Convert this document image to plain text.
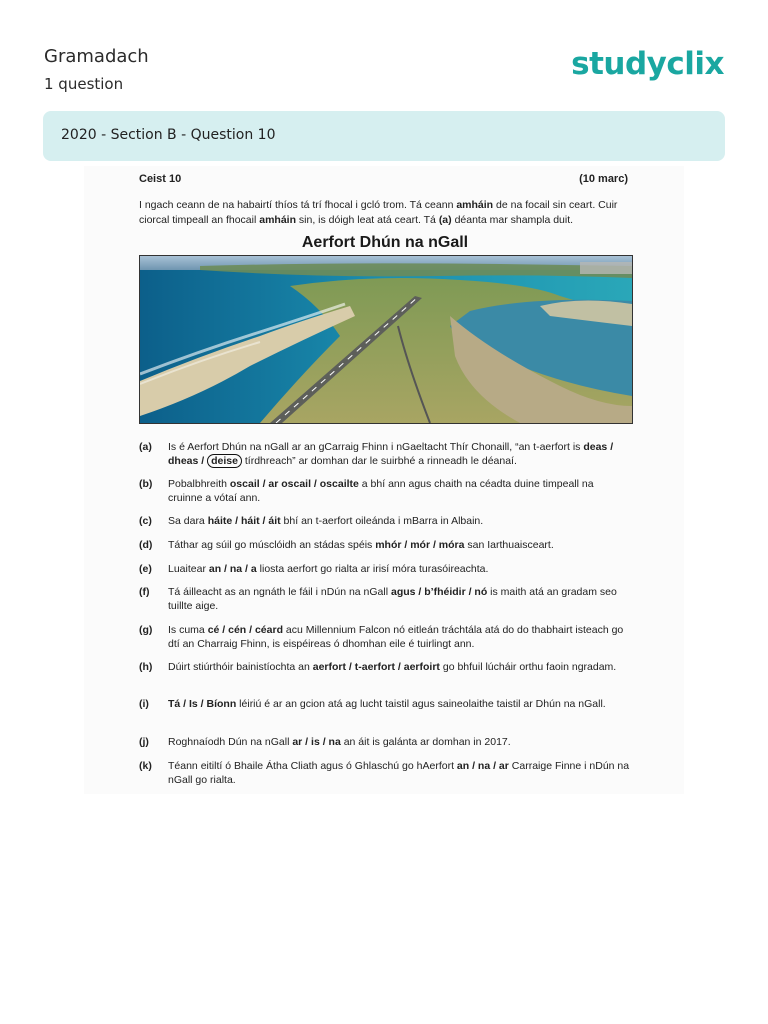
Gramadach
1 question
studyclix
2020 - Section B - Question 10
Ceist 10	(10 marc)
I ngach ceann de na habairtí thíos tá trí fhocal i gcló trom. Tá ceann amháin de na focail sin ceart. Cuir ciorcal timpeall an fhocail amháin sin, is dóigh leat atá ceart. Tá (a) déanta mar shampla duit.
Aerfort Dhún na nGall
(a)	Is é Aerfort Dhún na nGall ar an gCarraig Fhinn i nGaeltacht Thír Chonaill, “an t-aerfort is deas / dheas / deise tírdhreach” ar domhan dar le suirbhé a rinneadh le déanaí.
(b)	Pobalbhreith oscail / ar oscail / oscailte a bhí ann agus chaith na céadta duine timpeall na cruinne a vótaí ann.
(c)	Sa dara háite / háit / áit bhí an t-aerfort oileánda i mBarra in Albain.
(d)	Táthar ag súil go músclóidh an stádas spéis mhór / mór / móra san Iarthuaisceart.
(e)	Luaitear an / na / a liosta aerfort go rialta ar irisí móra turasóireachta.
(f)	Tá áilleacht as an ngnáth le fáil i nDún na nGall agus / b’fhéidir / nó is maith atá an gradam seo tuillte aige.
(g)	Is cuma cé / cén / céard acu Millennium Falcon nó eitleán tráchtála atá do do thabhairt isteach go dtí an Charraig Fhinn, is eispéireas ó dhomhan eile é tuirlingt ann.
(h)	Dúirt stiúrthóir bainistíochta an aerfort / t-aerfort / aerfoirt go bhfuil lúcháir orthu faoin ngradam.
(i)	Tá / Is / Bíonn léiriú é ar an gcion atá ag lucht taistil agus saineolaithe taistil ar Dhún na nGall.
(j)	Roghnaíodh Dún na nGall ar / is / na an áit is galánta ar domhan in 2017.
(k)	Téann eitiltí ó Bhaile Átha Cliath agus ó Ghlaschú go hAerfort an / na / ar Carraige Finne i nDún na nGall go rialta.
